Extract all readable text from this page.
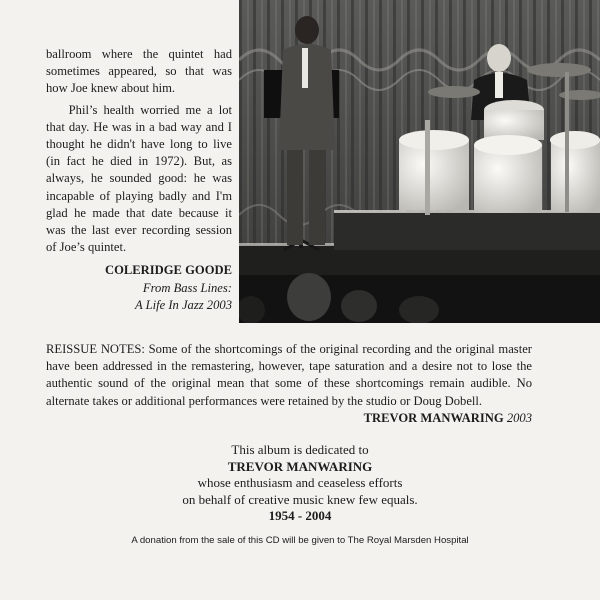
ballroom where the quintet had sometimes appeared, so that was how Joe knew about him.

Phil’s health worried me a lot that day. He was in a bad way and I thought he didn't have long to live (in fact he died in 1972). But, as always, he sounded good: he was incapable of playing badly and I'm glad he made that date because it was the last ever recording session of Joe’s quintet.

COLERIDGE GOODE
From Bass Lines:
A Life In Jazz 2003
REISSUE NOTES: Some of the shortcomings of the original recording and the original master have been addressed in the remastering, however, tape saturation and a desire not to lose the authentic sound of the original mean that some of these shortcomings remain audible. No alternate takes or additional performances were retained by the studio or Doug Dobell.
TREVOR MANWARING 2003
This album is dedicated to
TREVOR MANWARING
whose enthusiasm and ceaseless efforts
on behalf of creative music knew few equals.
1954 - 2004
A donation from the sale of this CD will be given to The Royal Marsden Hospital
